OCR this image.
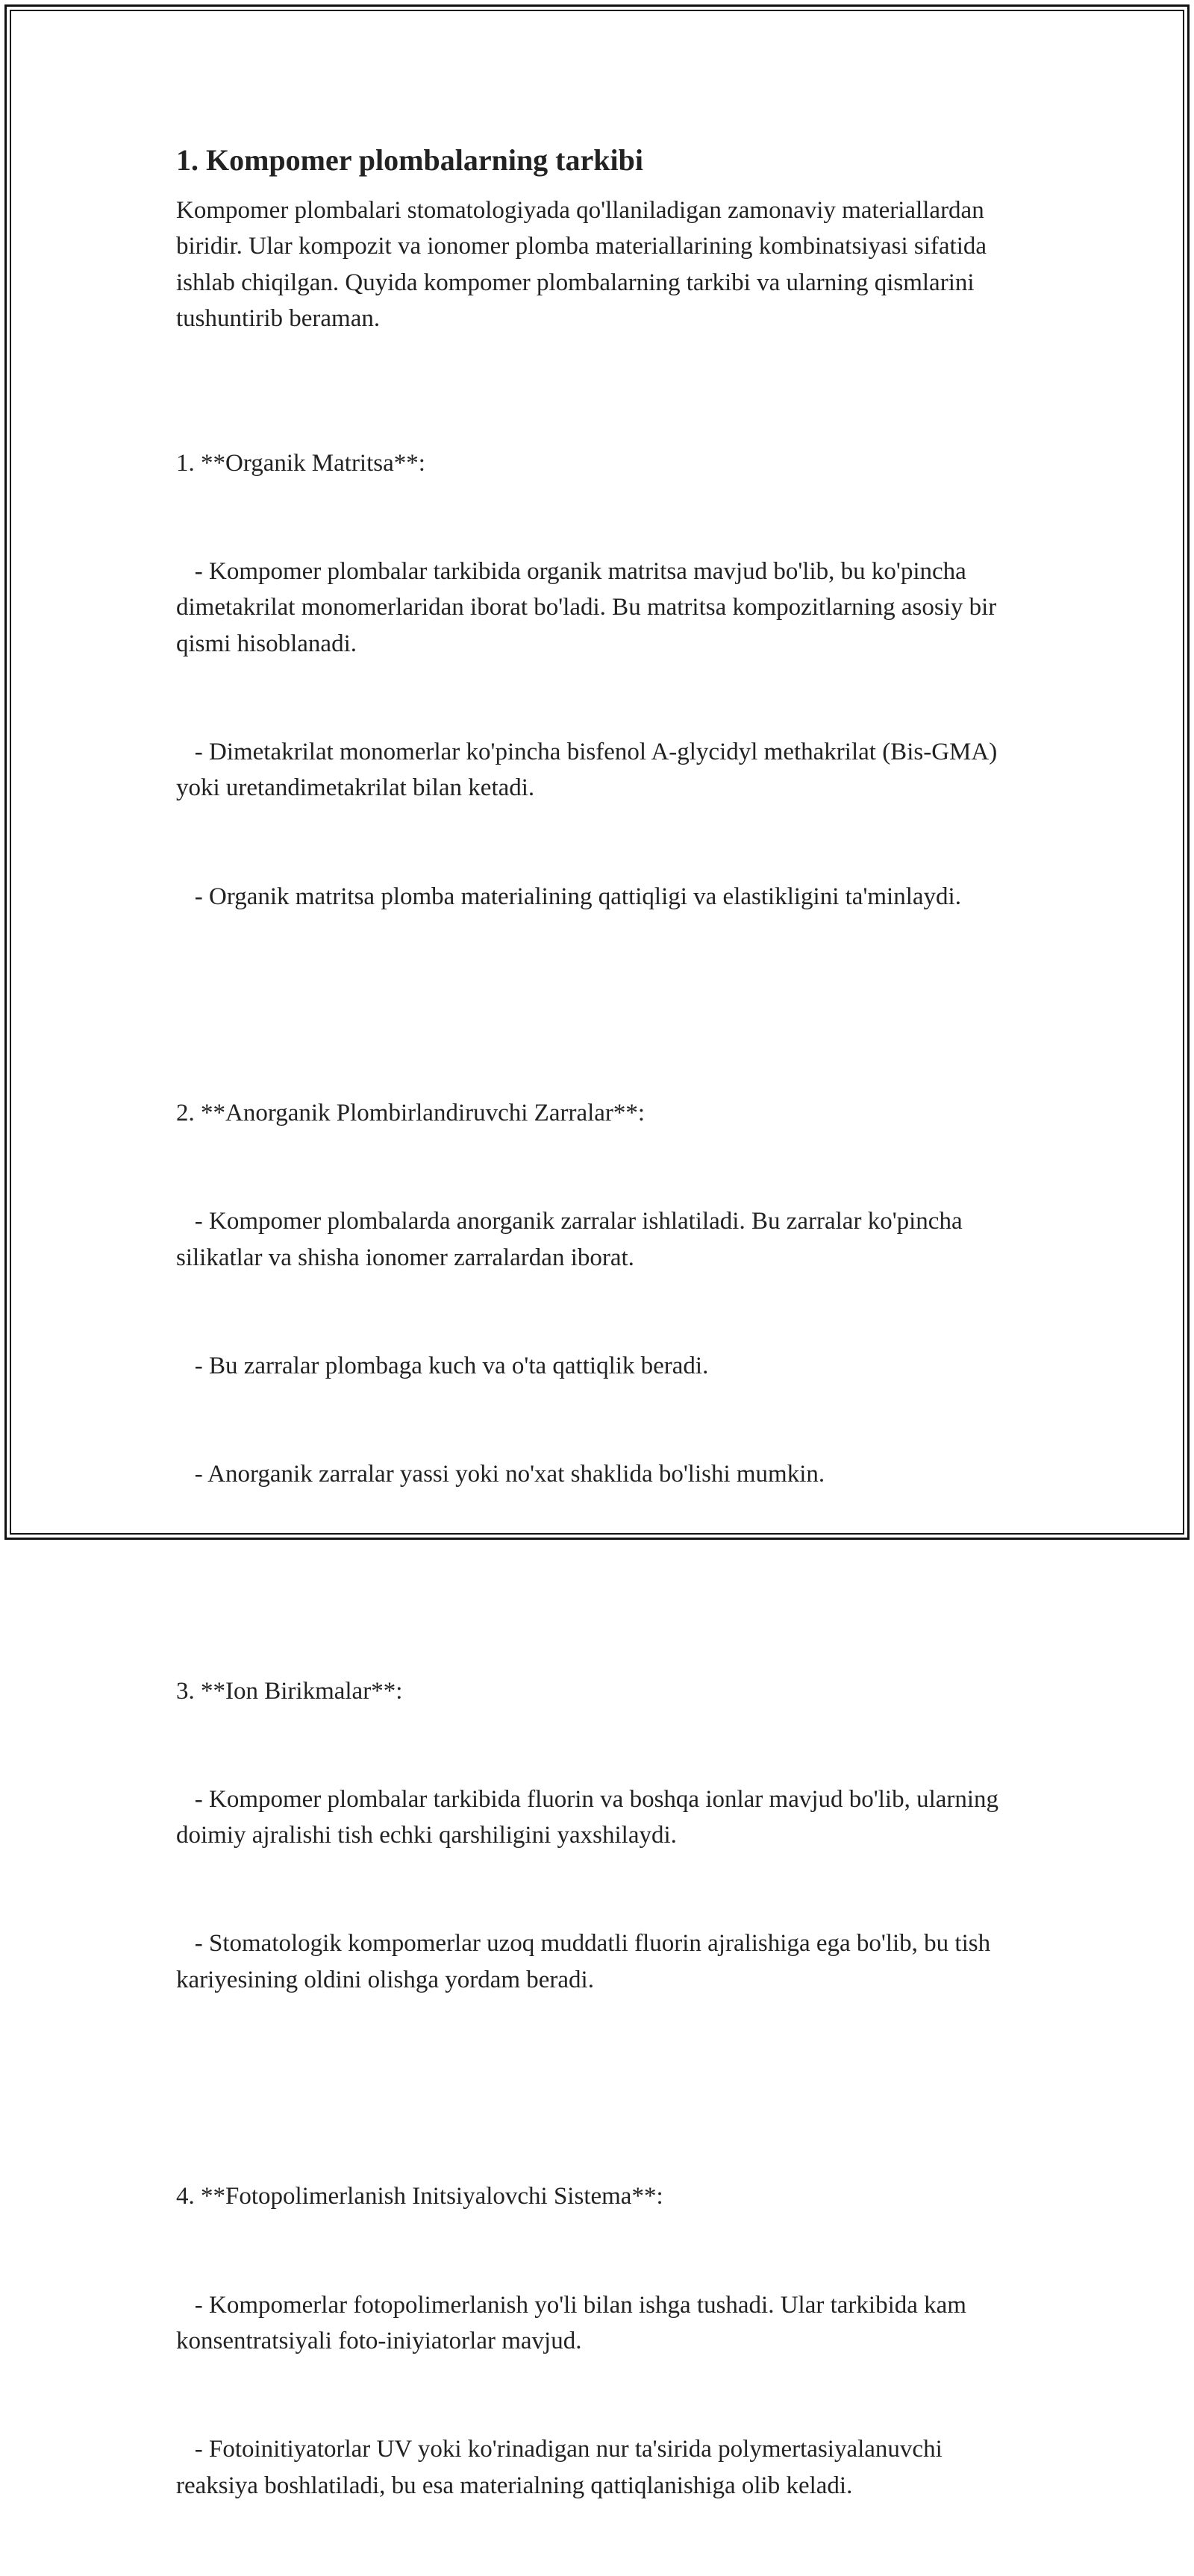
1. Kompomer plombalarning tarkibi
Kompomer plombalari stomatologiyada qo'llaniladigan zamonaviy materiallardan biridir. Ular kompozit va ionomer plomba materiallarining kombinatsiyasi sifatida ishlab chiqilgan. Quyida kompomer plombalarning tarkibi va ularning qismlarini tushuntirib beraman.

1. **Organik Matritsa**:

- Kompomer plombalar tarkibida organik matritsa mavjud bo'lib, bu ko'pincha dimetakrilat monomerlaridan iborat bo'ladi. Bu matritsa kompozitlarning asosiy bir qismi hisoblanadi.

- Dimetakrilat monomerlar ko'pincha bisfenol A-glycidyl methakrilat (Bis-GMA) yoki uretandimetakrilat bilan ketadi.

- Organik matritsa plomba materialining qattiqligi va elastikligini ta'minlaydi.

2. **Anorganik Plombirlandiruvchi Zarralar**:

- Kompomer plombalarda anorganik zarralar ishlatiladi. Bu zarralar ko'pincha silikatlar va shisha ionomer zarralardan iborat.

- Bu zarralar plombaga kuch va o'ta qattiqlik beradi.

- Anorganik zarralar yassi yoki no'xat shaklida bo'lishi mumkin.

3. **Ion Birikmalar**:

- Kompomer plombalar tarkibida fluorin va boshqa ionlar mavjud bo'lib, ularning doimiy ajralishi tish echki qarshiligini yaxshilaydi.

- Stomatologik kompomerlar uzoq muddatli fluorin ajralishiga ega bo'lib, bu tish kariyesining oldini olishga yordam beradi.

4. **Fotopolimerlanish Initsiyalovchi Sistema**:

- Kompomerlar fotopolimerlanish yo'li bilan ishga tushadi. Ular tarkibida kam konsentratsiyali foto-iniyiatorlar mavjud.

- Fotoinitiyatorlar UV yoki ko'rinadigan nur ta'sirida polymertasiyalanuvchi reaksiya boshlatiladi, bu esa materialning qattiqlanishiga olib keladi.
